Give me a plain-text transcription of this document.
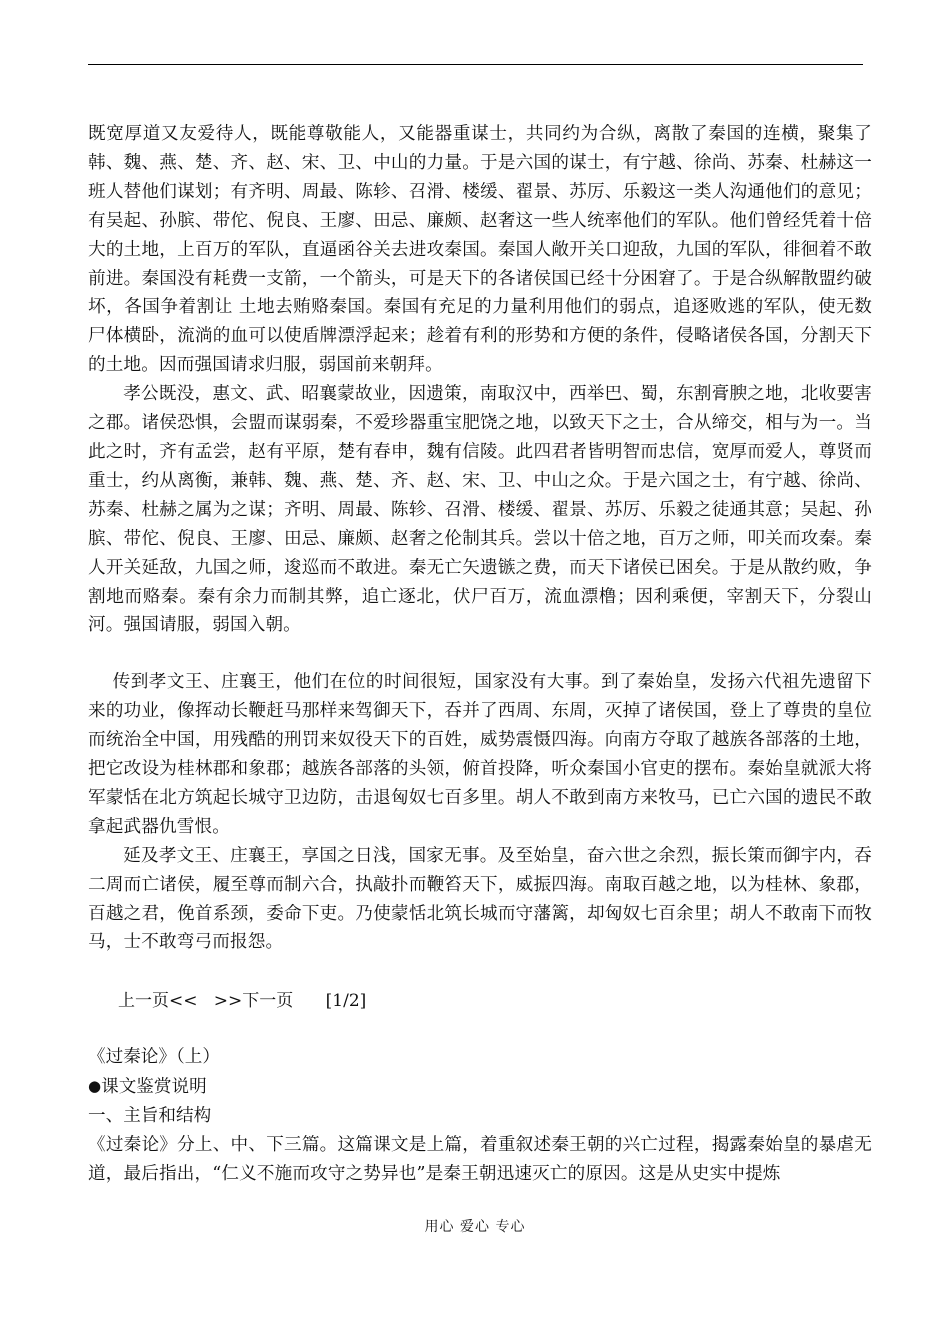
既宽厚道又友爱待人，既能尊敬能人，又能器重谋士，共同约为合纵，离散了秦国的连横，聚集了韩、魏、燕、楚、齐、赵、宋、卫、中山的力量。于是六国的谋士，有宁越、徐尚、苏秦、杜赫这一班人替他们谋划；有齐明、周最、陈轸、召滑、楼缓、翟景、苏厉、乐毅这一类人沟通他们的意见；有吴起、孙膑、带佗、倪良、王廖、田忌、廉颇、赵奢这一些人统率他们的军队。他们曾经凭着十倍大的土地，上百万的军队，直逼函谷关去进攻秦国。秦国人敞开关口迎敌，九国的军队，徘徊着不敢前进。秦国没有耗费一支箭，一个箭头，可是天下的各诸侯国已经十分困窘了。于是合纵解散盟约破坏，各国争着割让 土地去贿赂秦国。秦国有充足的力量利用他们的弱点，追逐败逃的军队，使无数尸体横卧，流淌的血可以使盾牌漂浮起来；趁着有利的形势和方便的条件，侵略诸侯各国，分割天下的土地。因而强国请求归服，弱国前来朝拜。

孝公既没，惠文、武、昭襄蒙故业，因遗策，南取汉中，西举巴、蜀，东割膏腴之地，北收要害之郡。诸侯恐惧，会盟而谋弱秦，不爱珍器重宝肥饶之地，以致天下之士，合从缔交，相与为一。当此之时，齐有孟尝，赵有平原，楚有春申，魏有信陵。此四君者皆明智而忠信，宽厚而爱人，尊贤而重士，约从离衡，兼韩、魏、燕、楚、齐、赵、宋、卫、中山之众。于是六国之士，有宁越、徐尚、苏秦、杜赫之属为之谋；齐明、周最、陈轸、召滑、楼缓、翟景、苏厉、乐毅之徒通其意；吴起、孙膑、带佗、倪良、王廖、田忌、廉颇、赵奢之伦制其兵。尝以十倍之地，百万之师，叩关而攻秦。秦人开关延敌，九国之师，逡巡而不敢进。秦无亡矢遗镞之费，而天下诸侯已困矣。于是从散约败，争割地而赂秦。秦有余力而制其弊，追亡逐北，伏尸百万，流血漂橹；因利乘便，宰割天下，分裂山河。强国请服，弱国入朝。

传到孝文王、庄襄王，他们在位的时间很短，国家没有大事。到了秦始皇，发扬六代祖先遗留下来的功业，像挥动长鞭赶马那样来驾御天下，吞并了西周、东周，灭掉了诸侯国，登上了尊贵的皇位而统治全中国，用残酷的刑罚来奴役天下的百姓，威势震慑四海。向南方夺取了越族各部落的土地，把它改设为桂林郡和象郡；越族各部落的头领，俯首投降，听众秦国小官吏的摆布。秦始皇就派大将军蒙恬在北方筑起长城守卫边防，击退匈奴七百多里。胡人不敢到南方来牧马，已亡六国的遗民不敢拿起武器仇雪恨。

延及孝文王、庄襄王，享国之日浅，国家无事。及至始皇，奋六世之余烈，振长策而御宇内，吞二周而亡诸侯，履至尊而制六合，执敲扑而鞭笞天下，威振四海。南取百越之地，以为桂林、象郡，百越之君，俛首系颈，委命下吏。乃使蒙恬北筑长城而守藩篱，却匈奴七百余里；胡人不敢南下而牧马，士不敢弯弓而报怨。

上一页<< >>下一页 [1/2]

《过秦论》（上）

●课文鉴赏说明

一、主旨和结构

《过秦论》分上、中、下三篇。这篇课文是上篇，着重叙述秦王朝的兴亡过程，揭露秦始皇的暴虐无道，最后指出，“仁义不施而攻守之势异也”是秦王朝迅速灭亡的原因。这是从史实中提炼

用心 爱心 专心
